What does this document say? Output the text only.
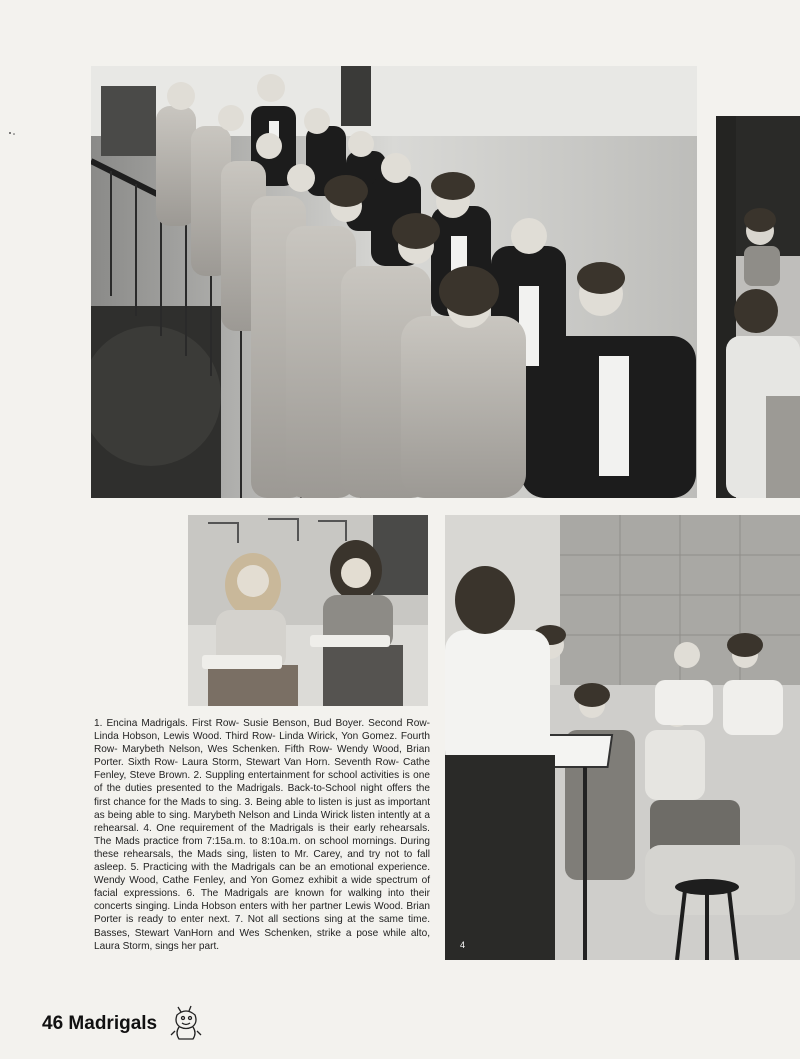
4

1. Encina Madrigals. First Row- Susie Benson, Bud Boyer. Second Row- Linda Hobson, Lewis Wood. Third Row- Linda Wirick, Yon Gomez. Fourth Row- Marybeth Nelson, Wes Schenken. Fifth Row- Wendy Wood, Brian Porter. Sixth Row- Laura Storm, Stewart Van Horn. Seventh Row- Cathe Fenley, Steve Brown. 2. Suppling entertainment for school activities is one of the duties presented to the Madrigals. Back-to-School night offers the first chance for the Mads to sing. 3. Being able to listen is just as important as being able to sing. Marybeth Nelson and Linda Wirick listen intently at a rehearsal. 4. One requirement of the Madrigals is their early rehearsals. The Mads practice from 7:15a.m. to 8:10a.m. on school mornings. During these rehearsals, the Mads sing, listen to Mr. Carey, and try not to fall asleep. 5. Practicing with the Madrigals can be an emotional experience. Wendy Wood, Cathe Fenley, and Yon Gomez exhibit a wide spectrum of facial expressions. 6. The Madrigals are known for walking into their concerts singing. Linda Hobson enters with her partner Lewis Wood. Brian Porter is ready to enter next. 7. Not all sections sing at the same time. Basses, Stewart VanHorn and Wes Schenken, strike a pose while alto, Laura Storm, sings her part.

46 Madrigals
